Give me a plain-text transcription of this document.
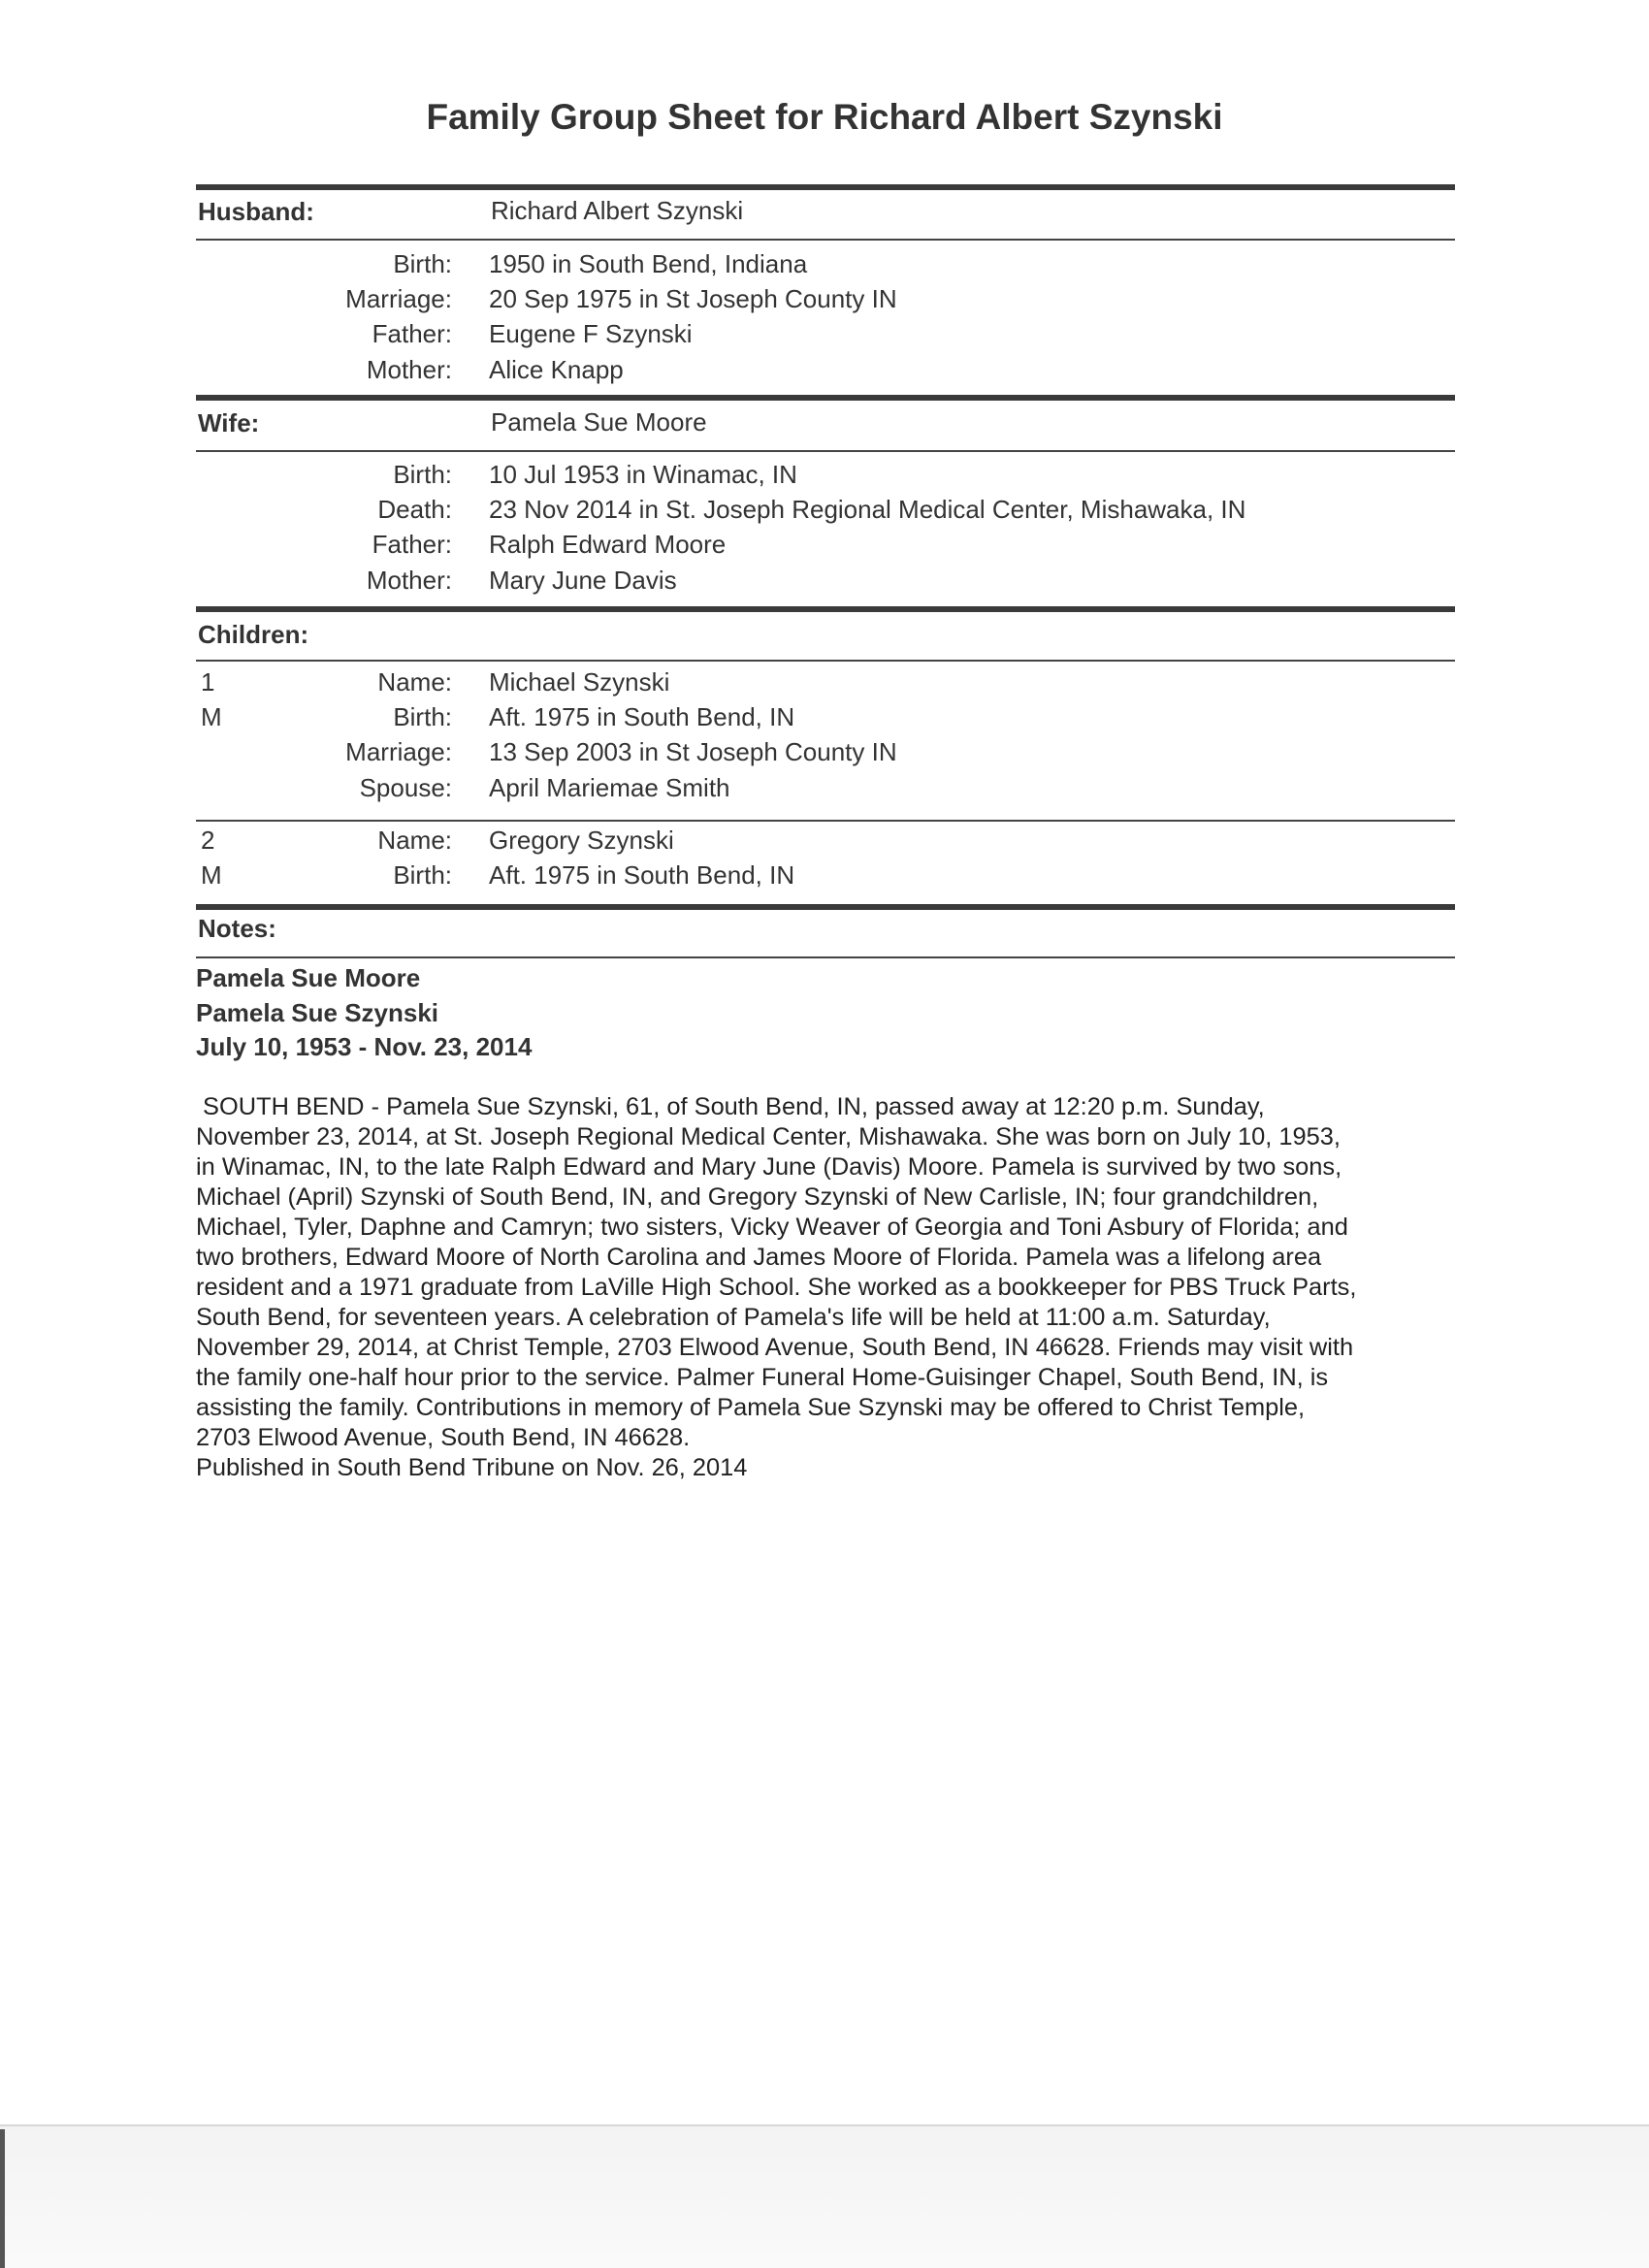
Family Group Sheet for Richard Albert Szynski
Husband:	Richard Albert Szynski
Birth: 1950 in South Bend, Indiana
Marriage: 20 Sep 1975 in St Joseph County IN
Father: Eugene F Szynski
Mother: Alice Knapp
Wife:	Pamela Sue Moore
Birth: 10 Jul 1953 in Winamac, IN
Death: 23 Nov 2014 in St. Joseph Regional Medical Center, Mishawaka, IN
Father: Ralph Edward Moore
Mother: Mary June Davis
Children:
1
M
Name: Michael Szynski
Birth: Aft. 1975 in South Bend, IN
Marriage: 13 Sep 2003 in St Joseph County IN
Spouse: April Mariemae Smith
2
M
Name: Gregory Szynski
Birth: Aft. 1975 in South Bend, IN
Notes:
Pamela Sue Moore
Pamela Sue Szynski
July 10, 1953 - Nov. 23, 2014
SOUTH BEND - Pamela Sue Szynski, 61, of South Bend, IN, passed away at 12:20 p.m. Sunday,
November 23, 2014, at St. Joseph Regional Medical Center, Mishawaka. She was born on July 10, 1953,
in Winamac, IN, to the late Ralph Edward and Mary June (Davis) Moore. Pamela is survived by two sons,
Michael (April) Szynski of South Bend, IN, and Gregory Szynski of New Carlisle, IN; four grandchildren,
Michael, Tyler, Daphne and Camryn; two sisters, Vicky Weaver of Georgia and Toni Asbury of Florida; and
two brothers, Edward Moore of North Carolina and James Moore of Florida. Pamela was a lifelong area
resident and a 1971 graduate from LaVille High School. She worked as a bookkeeper for PBS Truck Parts,
South Bend, for seventeen years. A celebration of Pamela's life will be held at 11:00 a.m. Saturday,
November 29, 2014, at Christ Temple, 2703 Elwood Avenue, South Bend, IN 46628. Friends may visit with
the family one-half hour prior to the service. Palmer Funeral Home-Guisinger Chapel, South Bend, IN, is
assisting the family. Contributions in memory of Pamela Sue Szynski may be offered to Christ Temple,
2703 Elwood Avenue, South Bend, IN 46628.
Published in South Bend Tribune on Nov. 26, 2014
